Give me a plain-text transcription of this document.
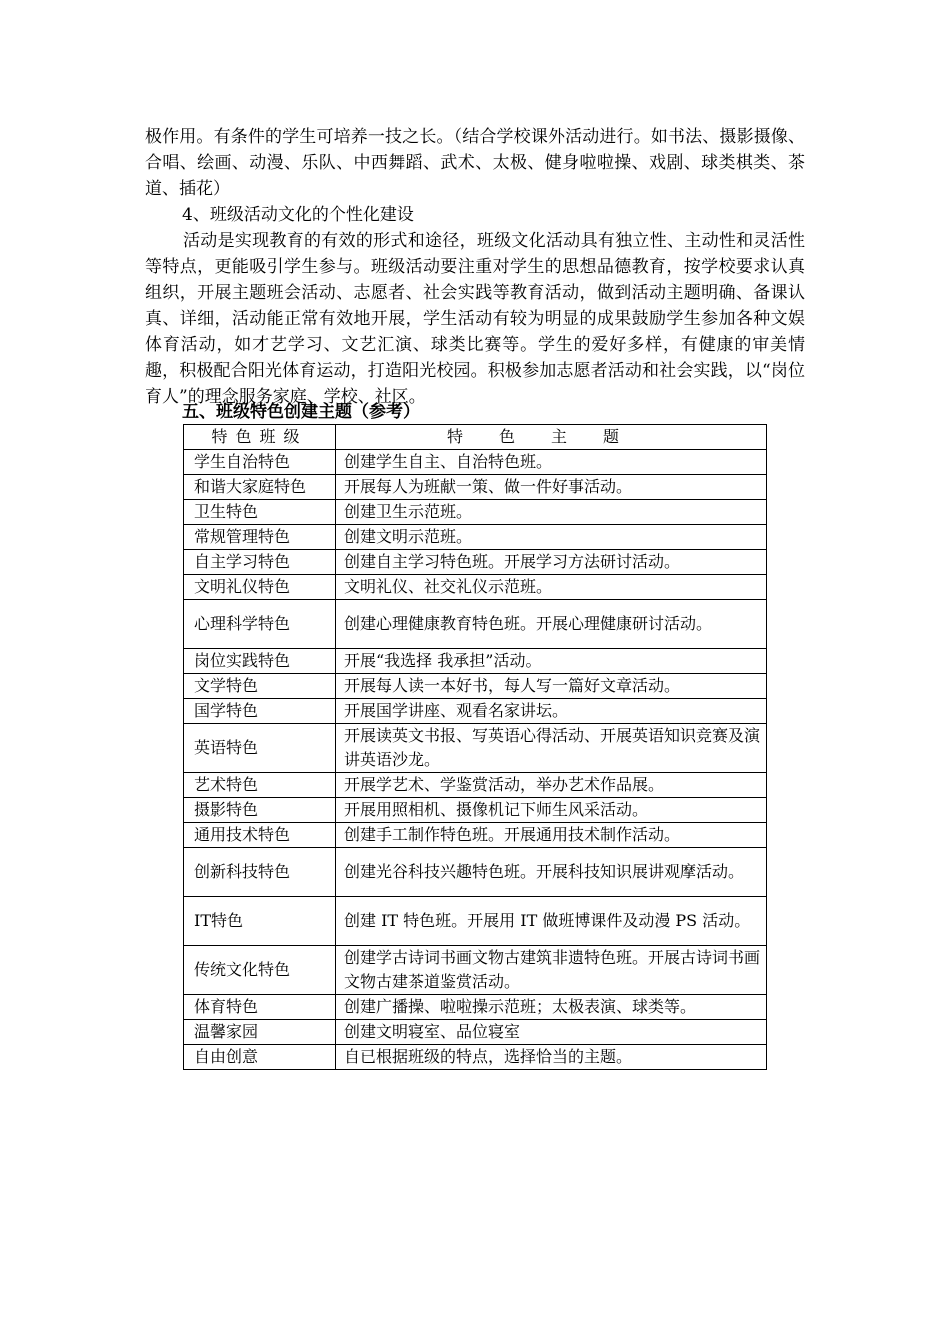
极作用。有条件的学生可培养一技之长。（结合学校课外活动进行。如书法、摄影摄像、合唱、绘画、动漫、乐队、中西舞蹈、武术、太极、健身啦啦操、戏剧、球类棋类、茶道、插花）

4、班级活动文化的个性化建设

活动是实现教育的有效的形式和途径，班级文化活动具有独立性、主动性和灵活性等特点，更能吸引学生参与。班级活动要注重对学生的思想品德教育，按学校要求认真组织，开展主题班会活动、志愿者、社会实践等教育活动，做到活动主题明确、备课认真、详细，活动能正常有效地开展，学生活动有较为明显的成果鼓励学生参加各种文娱体育活动，如才艺学习、文艺汇演、球类比赛等。学生的爱好多样，有健康的审美情趣，积极配合阳光体育运动，打造阳光校园。积极参加志愿者活动和社会实践，以“岗位育人”的理念服务家庭、学校、社区。

五、班级特色创建主题（参考）

特色班级	特色主题
学生自治特色	创建学生自主、自治特色班。
和谐大家庭特色	开展每人为班献一策、做一件好事活动。
卫生特色	创建卫生示范班。
常规管理特色	创建文明示范班。
自主学习特色	创建自主学习特色班。开展学习方法研讨活动。
文明礼仪特色	文明礼仪、社交礼仪示范班。
心理科学特色	创建心理健康教育特色班。开展心理健康研讨活动。
岗位实践特色	开展“我选择 我承担”活动。
文学特色	开展每人读一本好书，每人写一篇好文章活动。
国学特色	开展国学讲座、观看名家讲坛。
英语特色	开展读英文书报、写英语心得活动、开展英语知识竞赛及演讲英语沙龙。
艺术特色	开展学艺术、学鉴赏活动，举办艺术作品展。
摄影特色	开展用照相机、摄像机记下师生风采活动。
通用技术特色	创建手工制作特色班。开展通用技术制作活动。
创新科技特色	创建光谷科技兴趣特色班。开展科技知识展讲观摩活动。
IT特色	创建 IT 特色班。开展用 IT 做班博课件及动漫 PS 活动。
传统文化特色	创建学古诗词书画文物古建筑非遗特色班。开展古诗词书画文物古建茶道鉴赏活动。
体育特色	创建广播操、啦啦操示范班；太极表演、球类等。
温馨家园	创建文明寝室、品位寝室
自由创意	自已根据班级的特点，选择恰当的主题。
